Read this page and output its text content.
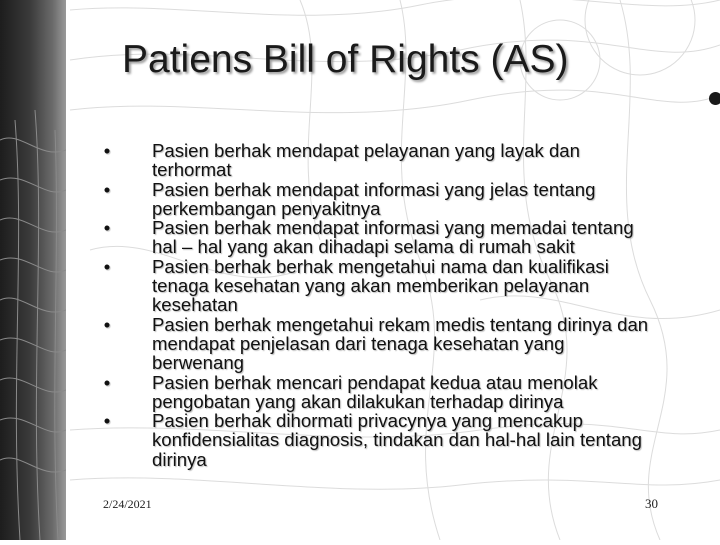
Patiens Bill of Rights (AS)
• Pasien berhak mendapat pelayanan yang layak dan terhormat
• Pasien berhak mendapat informasi yang jelas tentang perkembangan penyakitnya
• Pasien berhak mendapat informasi yang memadai tentang hal – hal yang akan dihadapi selama di rumah sakit
• Pasien berhak berhak mengetahui nama dan kualifikasi tenaga kesehatan yang akan memberikan pelayanan kesehatan
• Pasien berhak mengetahui rekam medis tentang dirinya dan mendapat penjelasan dari tenaga kesehatan yang berwenang
• Pasien berhak mencari pendapat kedua atau menolak pengobatan yang akan dilakukan terhadap dirinya
• Pasien berhak dihormati privacynya yang mencakup konfidensialitas diagnosis, tindakan dan hal-hal lain tentang dirinya
2/24/2021	30
